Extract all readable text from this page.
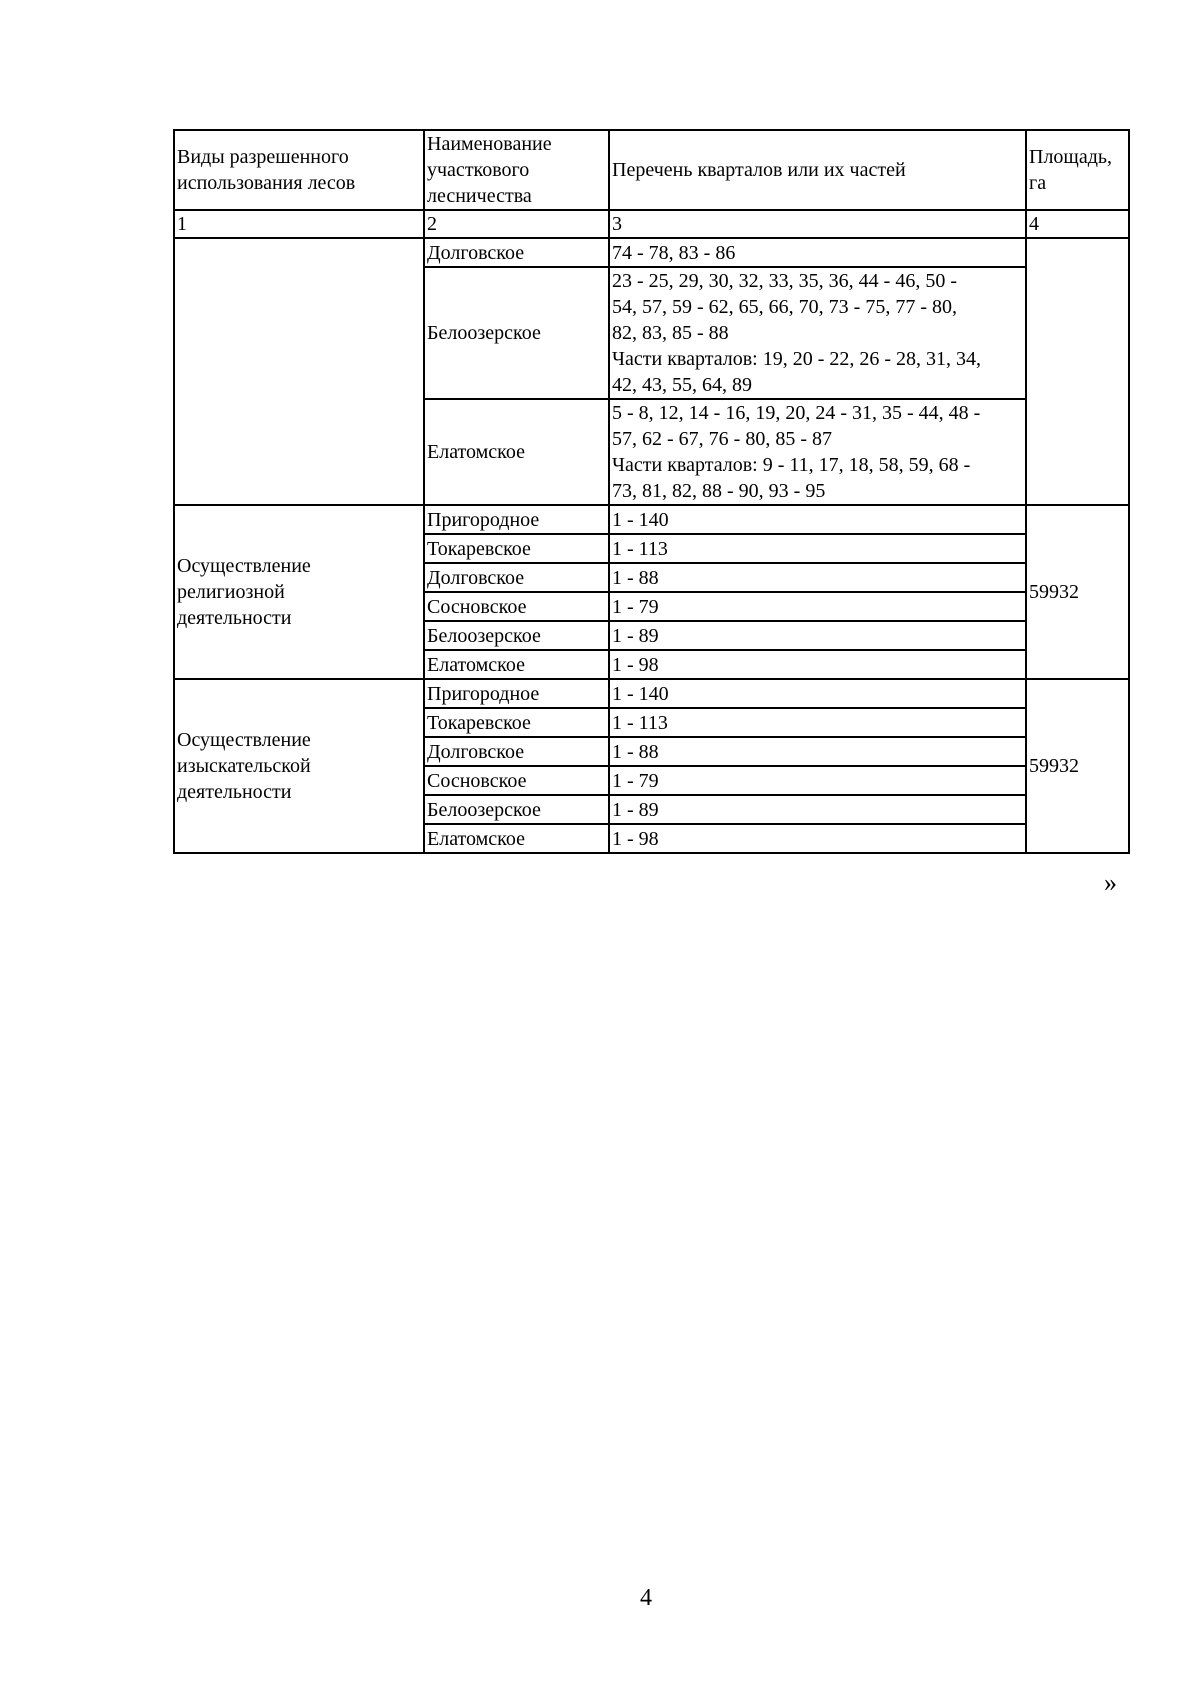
Виды разрешенного использования лесов	Наименование участкового лесничества	Перечень кварталов или их частей	Площадь, га
1	2	3	4
	Долговское	74 - 78, 83 - 86	

	Белоозерское	23 - 25, 29, 30, 32, 33, 35, 36, 44 - 46, 50 -
54, 57, 59 - 62, 65, 66, 70, 73 - 75, 77 - 80,
82, 83, 85 - 88
Части кварталов: 19, 20 - 22, 26 - 28, 31, 34,
42, 43, 55, 64, 89	

	Елатомское	5 - 8, 12, 14 - 16, 19, 20, 24 - 31, 35 - 44, 48 -
57, 62 - 67, 76 - 80, 85 - 87
Части кварталов: 9 - 11, 17, 18, 58, 59, 68 -
73, 81, 82, 88 - 90, 93 - 95	

Осуществление
религиозной
деятельности	Пригородное	1 - 140	59932
	Токаревское	1 - 113	
	Долговское	1 - 88	
	Сосновское	1 - 79	
	Белоозерское	1 - 89	
	Елатомское	1 - 98	

Осуществление
изыскательской
деятельности	Пригородное	1 - 140	59932
	Токаревское	1 - 113	
	Долговское	1 - 88	
	Сосновское	1 - 79	
	Белоозерское	1 - 89	
	Елатомское	1 - 98	
»
4
